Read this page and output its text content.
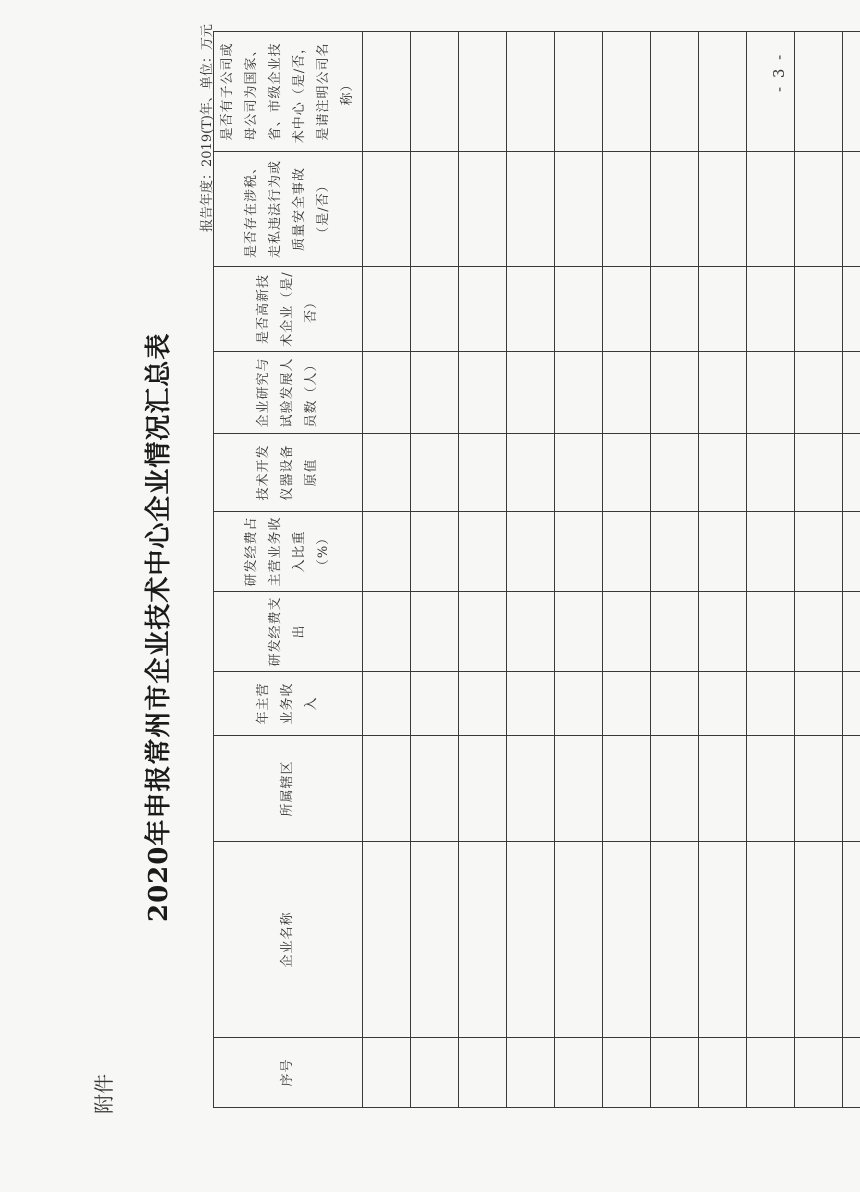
附件
2020年申报常州市企业技术中心企业情况汇总表
报告年度：2019(T)年、单位：万元
序号	企业名称	所属辖区	年主营业务收入	研发经费支出	研发经费占主营业务收入比重（%）	技术开发仪器设备原值	企业研究与试验发展人员数（人）	是否高新技术企业（是/否）	是否存在涉税、走私违法行为或质量安全事故（是/否）	是否有子公司或母公司为国家、省、市级企业技术中心（是/否，是请注明公司名称）

											- 3 -
